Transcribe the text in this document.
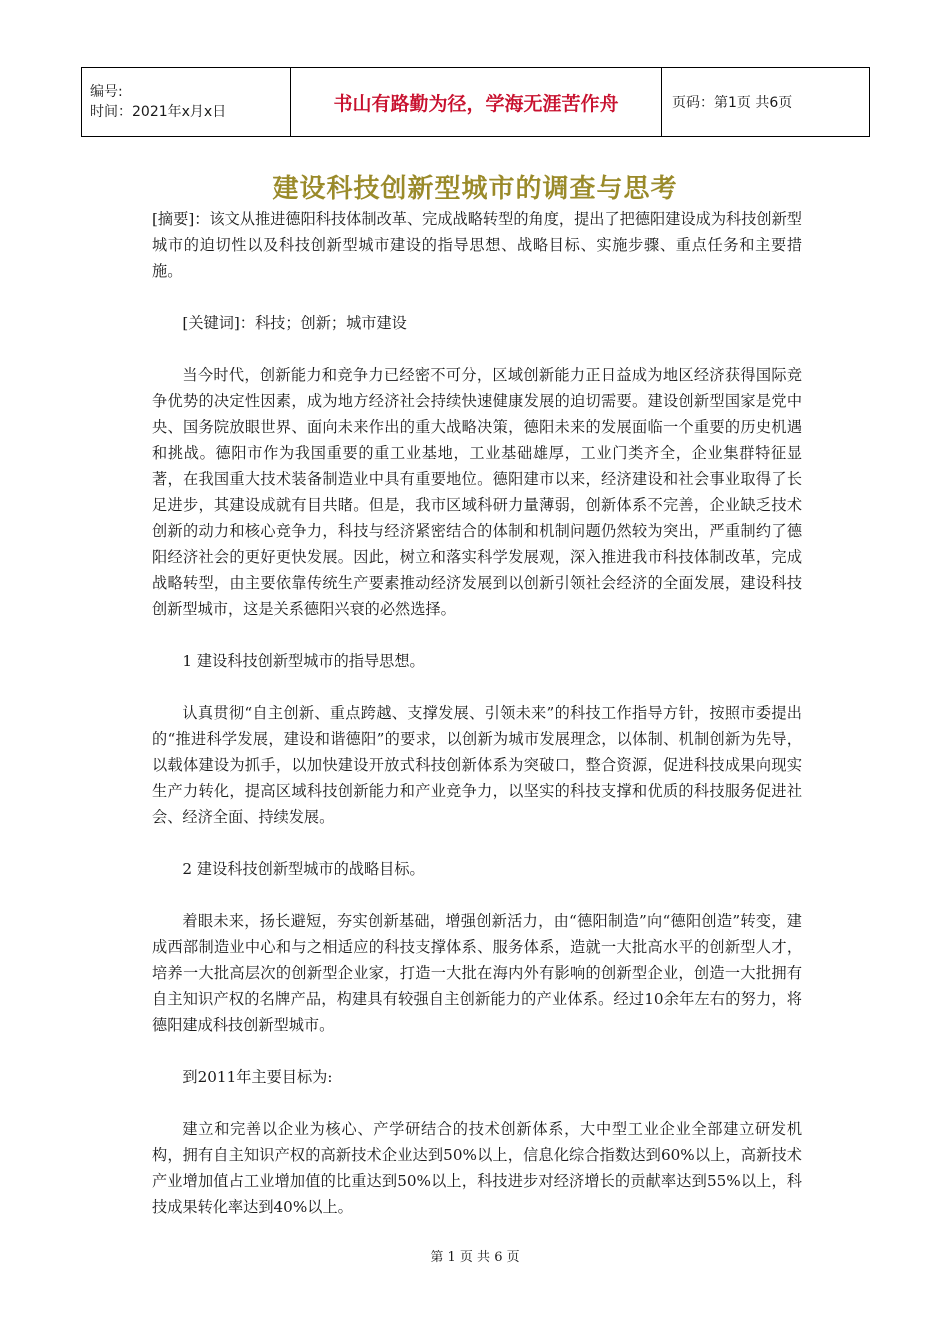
编号:
时间：2021年x月x日	书山有路勤为径，学海无涯苦作舟	页码：第1页 共6页
建设科技创新型城市的调查与思考

[摘要]：该文从推进德阳科技体制改革、完成战略转型的角度，提出了把德阳建设成为科技创新型城市的迫切性以及科技创新型城市建设的指导思想、战略目标、实施步骤、重点任务和主要措施。

[关键词]：科技；创新；城市建设

当今时代，创新能力和竞争力已经密不可分，区域创新能力正日益成为地区经济获得国际竞争优势的决定性因素，成为地方经济社会持续快速健康发展的迫切需要。建设创新型国家是党中央、国务院放眼世界、面向未来作出的重大战略决策，德阳未来的发展面临一个重要的历史机遇和挑战。德阳市作为我国重要的重工业基地，工业基础雄厚，工业门类齐全，企业集群特征显著，在我国重大技术装备制造业中具有重要地位。德阳建市以来，经济建设和社会事业取得了长足进步，其建设成就有目共睹。但是，我市区域科研力量薄弱，创新体系不完善，企业缺乏技术创新的动力和核心竞争力，科技与经济紧密结合的体制和机制问题仍然较为突出，严重制约了德阳经济社会的更好更快发展。因此，树立和落实科学发展观，深入推进我市科技体制改革，完成战略转型，由主要依靠传统生产要素推动经济发展到以创新引领社会经济的全面发展，建设科技创新型城市，这是关系德阳兴衰的必然选择。

1 建设科技创新型城市的指导思想。

认真贯彻“自主创新、重点跨越、支撑发展、引领未来”的科技工作指导方针，按照市委提出的“推进科学发展，建设和谐德阳”的要求，以创新为城市发展理念，以体制、机制创新为先导，以载体建设为抓手，以加快建设开放式科技创新体系为突破口，整合资源，促进科技成果向现实生产力转化，提高区域科技创新能力和产业竞争力，以坚实的科技支撑和优质的科技服务促进社会、经济全面、持续发展。

2 建设科技创新型城市的战略目标。

着眼未来，扬长避短，夯实创新基础，增强创新活力，由“德阳制造”向“德阳创造”转变，建成西部制造业中心和与之相适应的科技支撑体系、服务体系，造就一大批高水平的创新型人才，培养一大批高层次的创新型企业家，打造一大批在海内外有影响的创新型企业，创造一大批拥有自主知识产权的名牌产品，构建具有较强自主创新能力的产业体系。经过10余年左右的努力，将德阳建成科技创新型城市。

到2011年主要目标为:

建立和完善以企业为核心、产学研结合的技术创新体系，大中型工业企业全部建立研发机构，拥有自主知识产权的高新技术企业达到50%以上，信息化综合指数达到60%以上，高新技术产业增加值占工业增加值的比重达到50%以上，科技进步对经济增长的贡献率达到55%以上，科技成果转化率达到40%以上。

第 1 页 共 6 页
